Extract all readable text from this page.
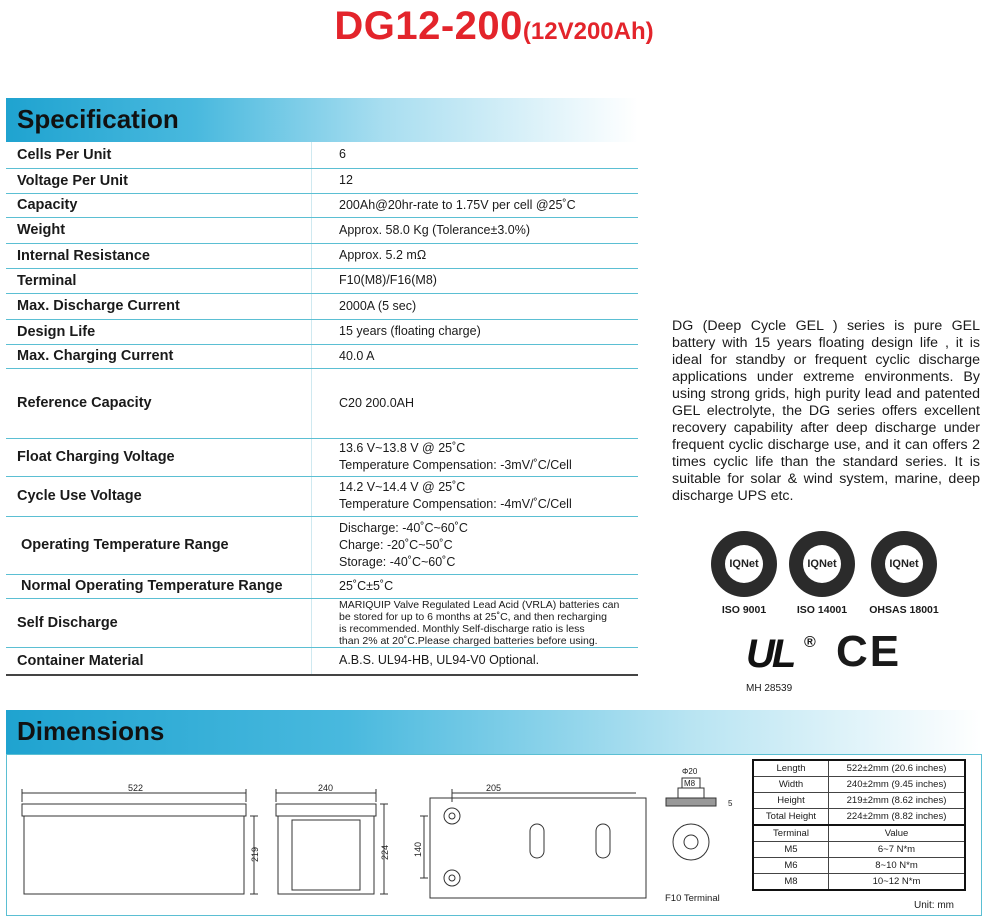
DG12-200(12V200Ah)
Specification
Cells Per Unit	6

Voltage Per Unit	12

Capacity	200Ah@20hr-rate to 1.75V per cell @25˚C

Weight	Approx. 58.0 Kg (Tolerance±3.0%)

Internal Resistance	Approx. 5.2 mΩ

Terminal	F10(M8)/F16(M8)

Max. Discharge Current	2000A (5 sec)

Design Life	15 years (floating charge)

Max. Charging Current	40.0 A

Reference Capacity	C20 200.0AH

Float Charging Voltage	13.6 V~13.8 V @ 25˚C
Temperature Compensation: -3mV/˚C/Cell

Cycle Use Voltage	14.2 V~14.4 V @ 25˚C
Temperature Compensation: -4mV/˚C/Cell

Operating Temperature Range	Discharge: -40˚C~60˚C
Charge: -20˚C~50˚C
Storage: -40˚C~60˚C

Normal Operating Temperature Range	25˚C±5˚C

Self Discharge	MARIQUIP Valve Regulated Lead Acid (VRLA) batteries can
be stored for up to 6 months at 25˚C, and then recharging
is recommended. Monthly Self-discharge ratio is less
than 2% at 20˚C.Please charged batteries before using.

Container Material	A.B.S. UL94-HB, UL94-V0 Optional.
DG (Deep Cycle GEL ) series is pure GEL battery with 15 years floating design life , it is ideal for standby or frequent cyclic discharge applications under extreme environments. By using strong grids, high purity lead and patented GEL electrolyte, the DG series offers excellent recovery capability after deep discharge under frequent cyclic discharge use, and it can offers 2 times cyclic life than the standard series. It is suitable for solar & wind system, marine, deep discharge UPS etc.
IQNet
ISO 9001
IQNet
ISO 14001
IQNet
OHSAS 18001
UL ®
MH 28539
CE
Dimensions
522
219
240
224
205
140
Φ20
M8
5
F10 Terminal
Length	522±2mm (20.6 inches)
Width	240±2mm (9.45 inches)
Height	219±2mm (8.62 inches)
Total Height	224±2mm (8.82 inches)
Terminal	Value
M5	6~7 N*m
M6	8~10 N*m
M8	10~12 N*m
Unit: mm
